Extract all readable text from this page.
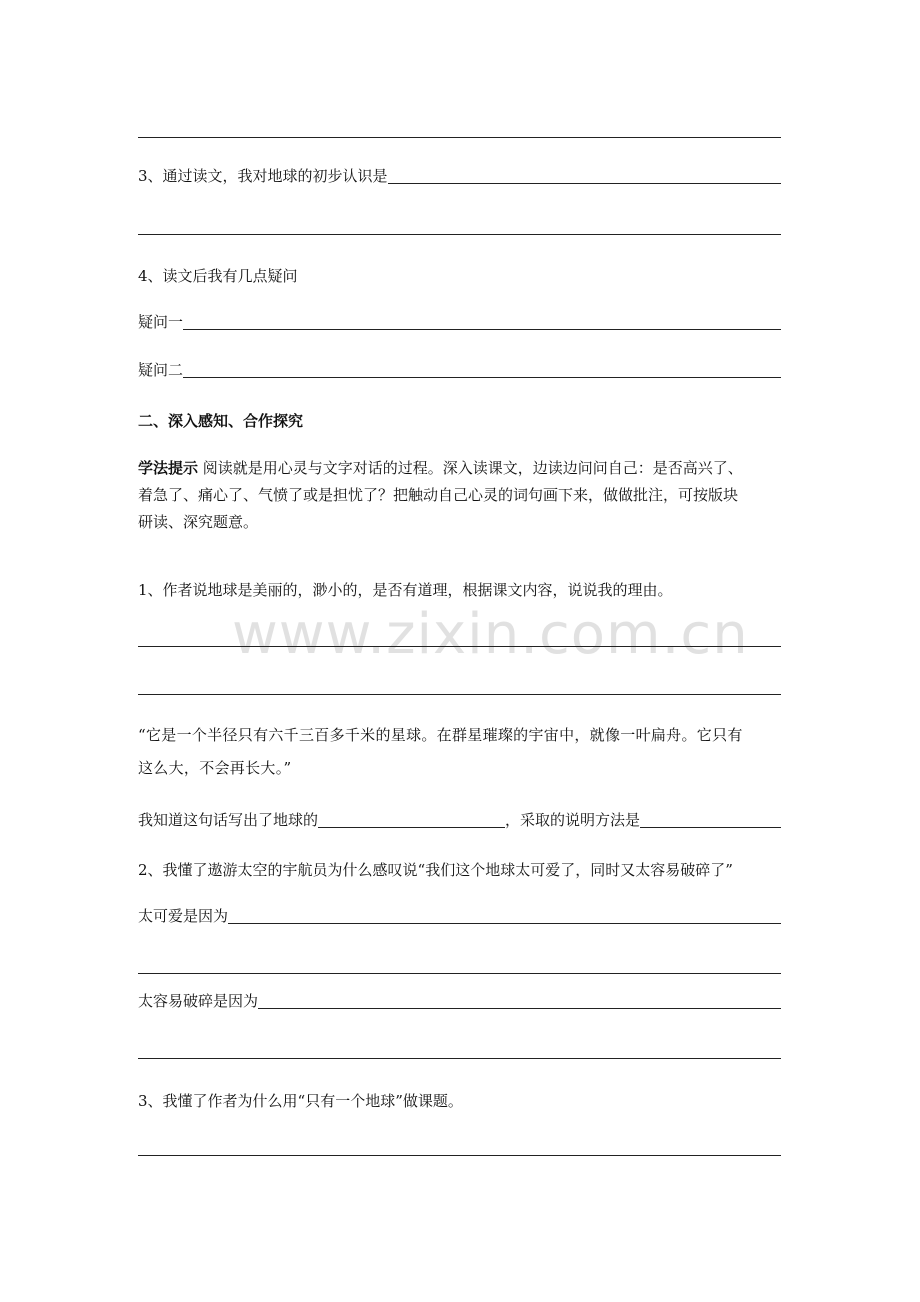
3、通过读文，我对地球的初步认识是
4、读文后我有几点疑问
疑问一
疑问二
二、深入感知、合作探究
学法提示 阅读就是用心灵与文字对话的过程。深入读课文，边读边问问自己：是否高兴了、
着急了、痛心了、气愤了或是担忧了？把触动自己心灵的词句画下来，做做批注，可按版块
研读、深究题意。
1、作者说地球是美丽的，渺小的，是否有道理，根据课文内容，说说我的理由。
www.zixin.com.cn
“它是一个半径只有六千三百多千米的星球。在群星璀璨的宇宙中，就像一叶扁舟。它只有
这么大，不会再长大。”
我知道这句话写出了地球的	，采取的说明方法是
2、我懂了遨游太空的宇航员为什么感叹说“我们这个地球太可爱了，同时又太容易破碎了”
太可爱是因为
太容易破碎是因为
3、我懂了作者为什么用“只有一个地球”做课题。
